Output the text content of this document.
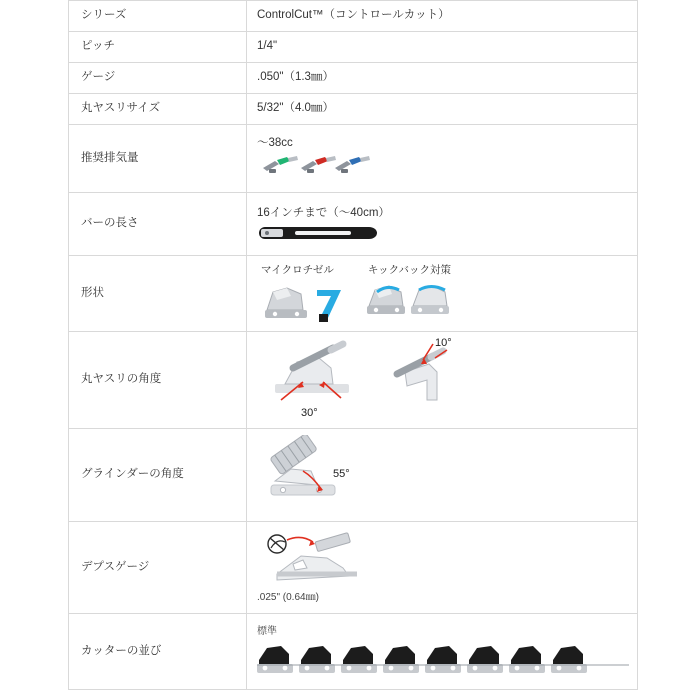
シリーズ	ControlCut™（コントロールカット）

ピッチ	1/4"

ゲージ	.050"（1.3㎜）

丸ヤスリサイズ	5/32"（4.0㎜）

推奨排気量	〜38cc

バーの長さ	16インチまで（〜40cm）

形状	マイクロチゼル キックバック対策

丸ヤスリの角度	30°
10°

グラインダーの角度	55°

デプスゲージ	.025" (0.64㎜)

カッターの並び	標準
